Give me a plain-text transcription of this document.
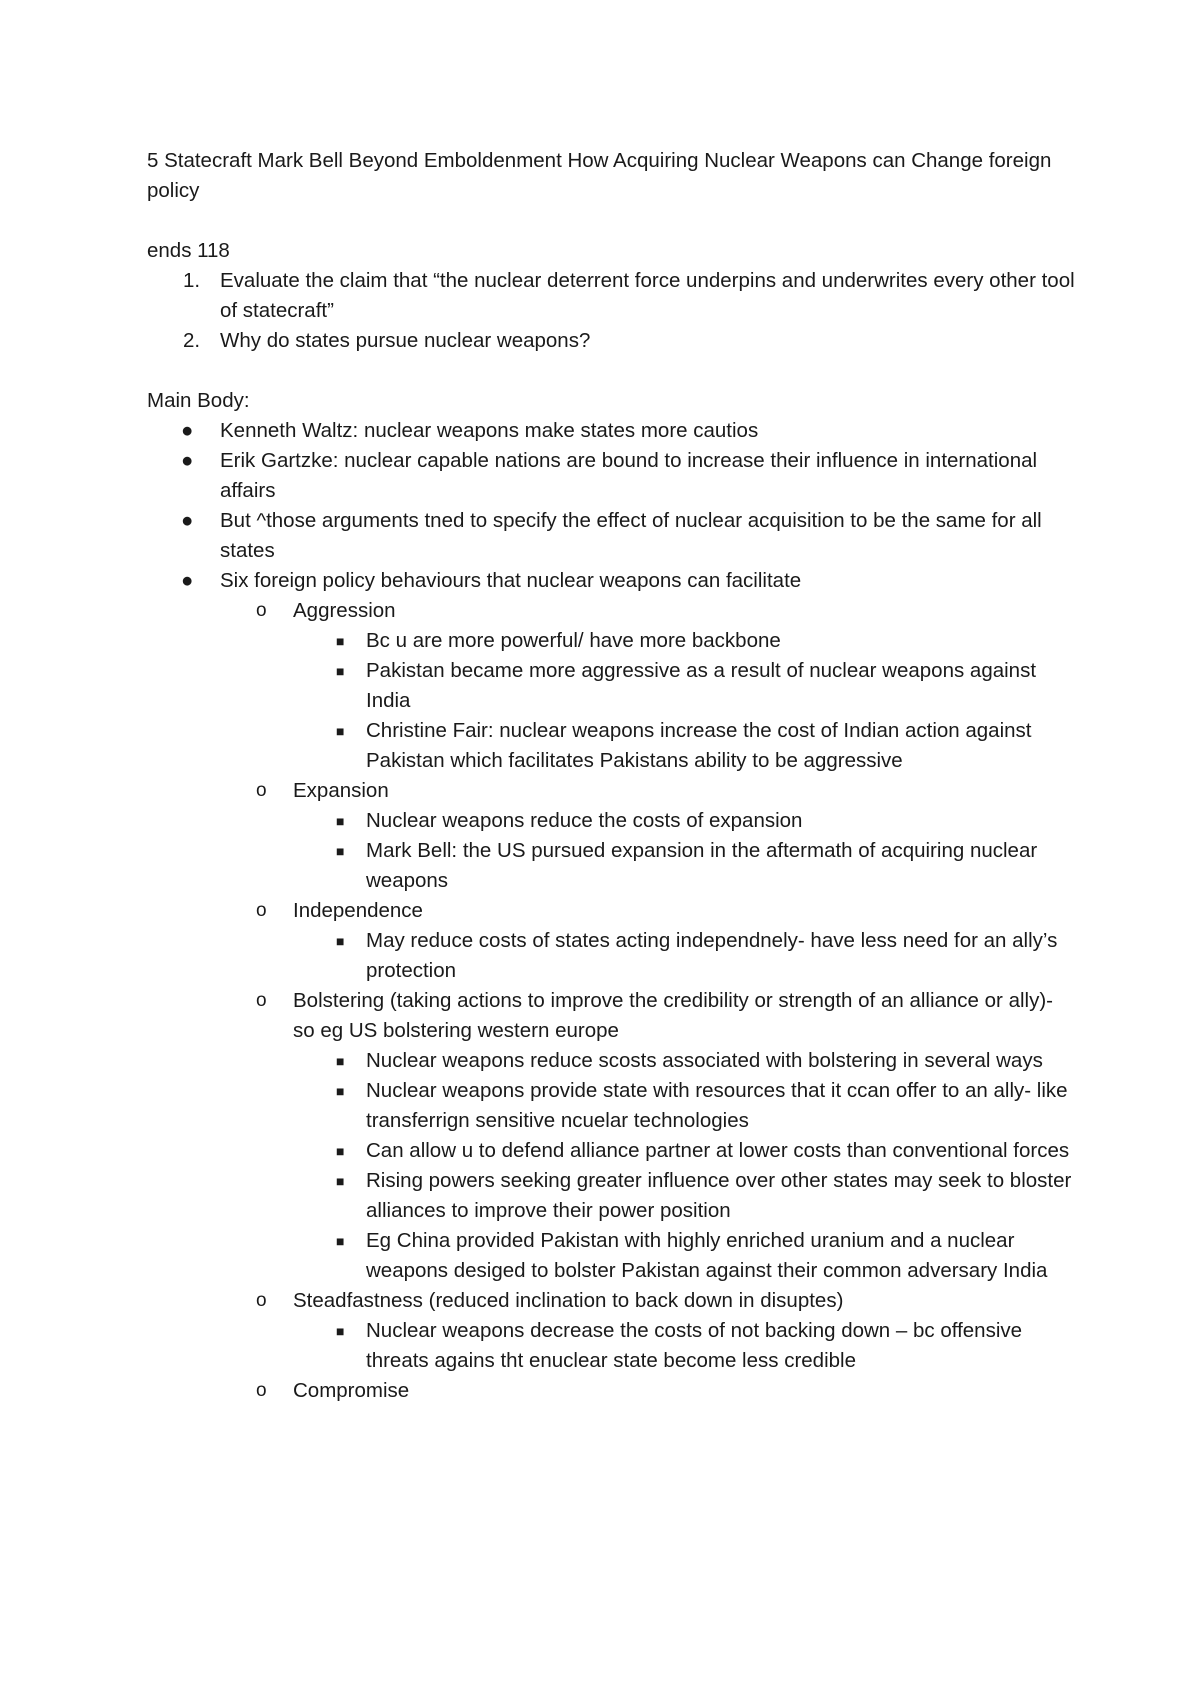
5 Statecraft Mark Bell Beyond Emboldenment How Acquiring Nuclear Weapons can Change foreign policy

ends 118

1. Evaluate the claim that “the nuclear deterrent force underpins and underwrites every other tool of statecraft”
2. Why do states pursue nuclear weapons?

Main Body:

● Kenneth Waltz: nuclear weapons make states more cautios
● Erik Gartzke: nuclear capable nations are bound to increase their influence in international affairs
● But ^those arguments tned to specify the effect of nuclear acquisition to be the same for all states
● Six foreign policy behaviours that nuclear weapons can facilitate
o Aggression
■ Bc u are more powerful/ have more backbone
■ Pakistan became more aggressive as a result of nuclear weapons against India
■ Christine Fair: nuclear weapons increase the cost of Indian action against Pakistan which facilitates Pakistans ability to be aggressive
o Expansion
■ Nuclear weapons reduce the costs of expansion
■ Mark Bell: the US pursued expansion in the aftermath of acquiring nuclear weapons
o Independence
■ May reduce costs of states acting independnely- have less need for an ally’s protection
o Bolstering (taking actions to improve the credibility or strength of an alliance or ally)- so eg US bolstering western europe
■ Nuclear weapons reduce scosts associated with bolstering in several ways
■ Nuclear weapons provide state with resources that it ccan offer to an ally- like transferrign sensitive ncuelar technologies
■ Can allow u to defend alliance partner at lower costs than conventional forces
■ Rising powers seeking greater influence over other states may seek to bloster alliances to improve their power position
■ Eg China provided Pakistan with highly enriched uranium and a nuclear weapons desiged to bolster Pakistan against their common adversary India
o Steadfastness (reduced inclination to back down in disuptes)
■ Nuclear weapons decrease the costs of not backing down – bc offensive threats agains tht enuclear state become less credible
o Compromise
